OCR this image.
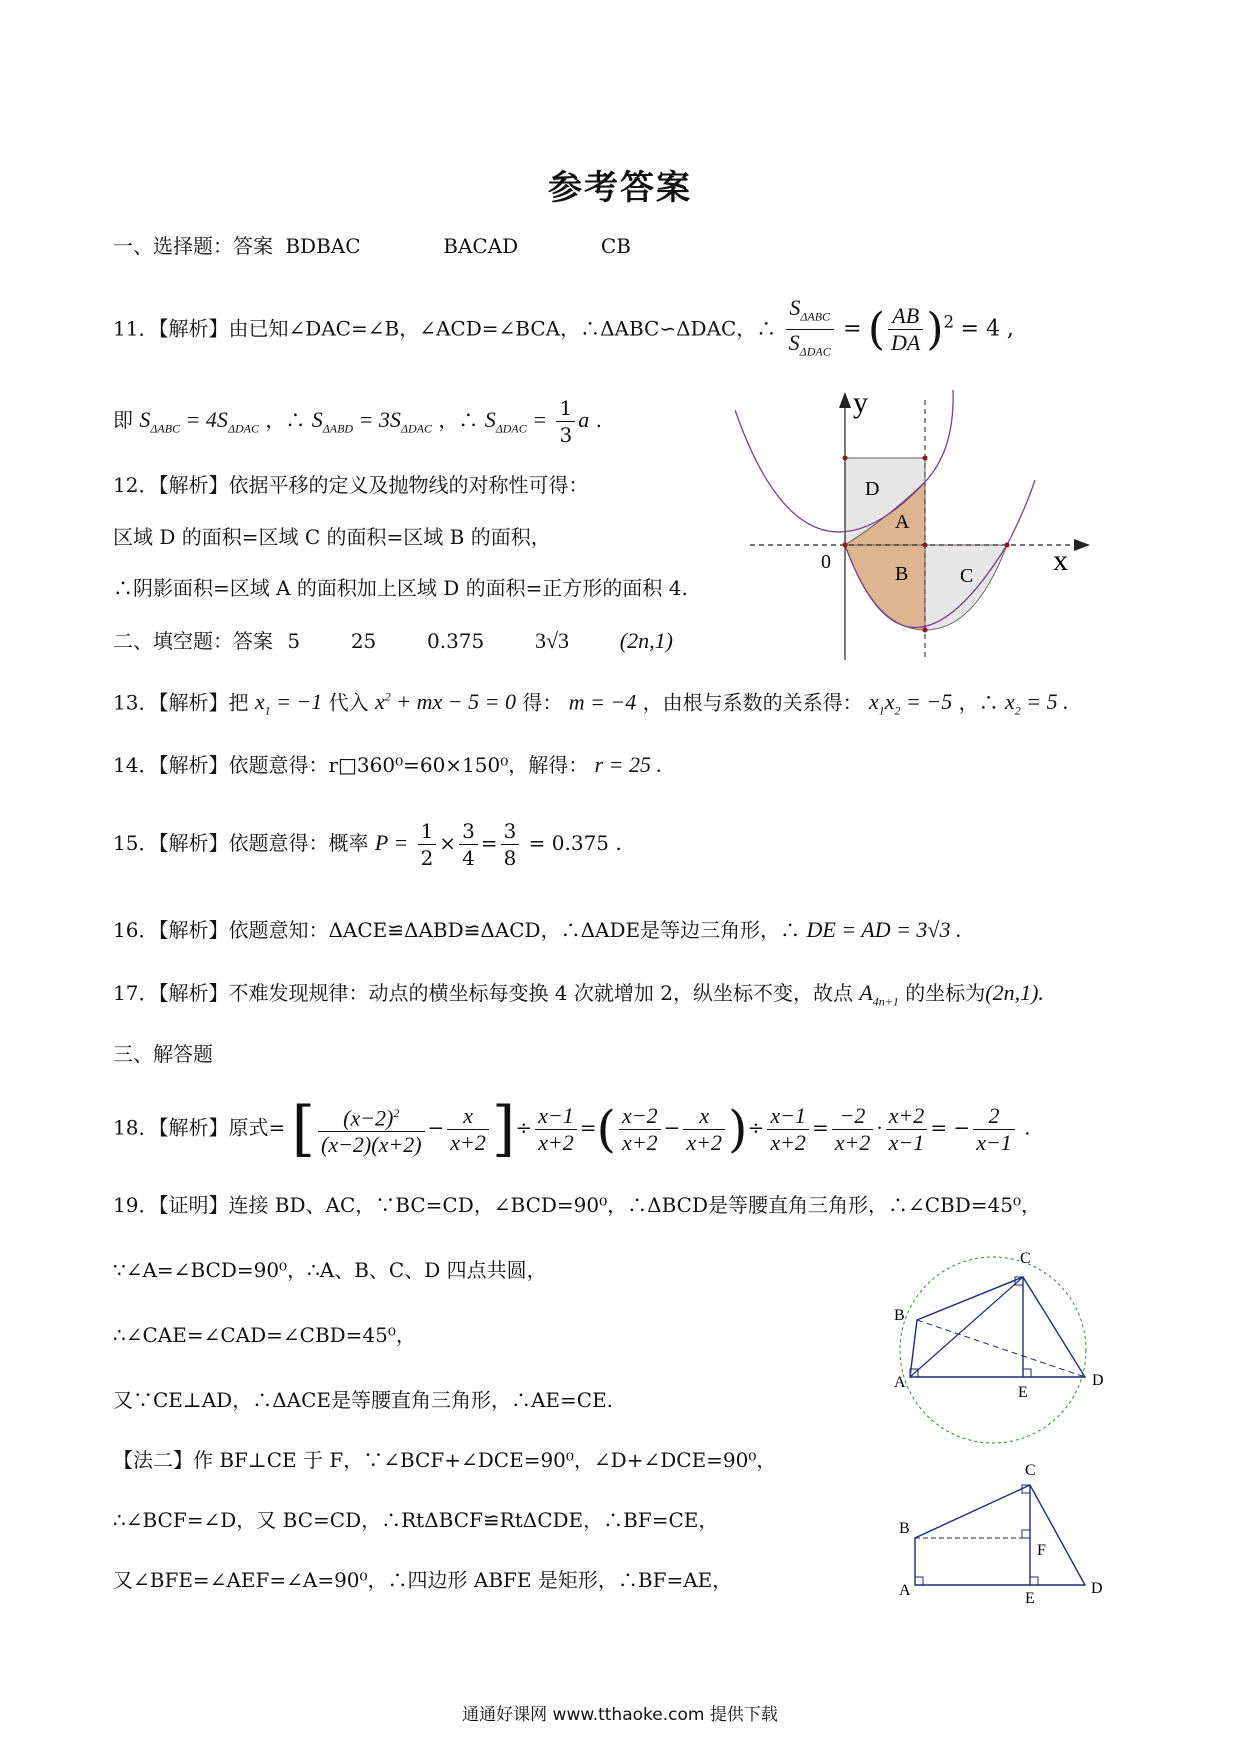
参考答案
一、选择题：答案 BDBAC	BACAD	CB
11．【解析】由已知∠DAC=∠B，∠ACD=∠BCA，∴ΔABC∽ΔDAC，∴ $\frac{S_{\Delta ABC}}{S_{\Delta DAC}}$ = ( $\frac{AB}{DA} )^2 = 4$ ,
即 $S_{\Delta ABC} = 4S_{\Delta DAC}$ ，∴ $S_{\Delta ABD} = 3S_{\Delta DAC}$ ，∴ $S_{\Delta DAC} = \frac{1}{3}$ a .
12．【解析】依据平移的定义及抛物线的对称性可得：
区域 D 的面积=区域 C 的面积=区域 B 的面积，
∴阴影面积=区域 A 的面积加上区域 D 的面积=正方形的面积 4.
y
x
0
D
A
B	C
二、填空题：答案 5	25	0.375 3√3 (2n,1)
13．【解析】把 $x_1 = -1$ 代入 $x^2$ + mx − 5 = 0 得： m = −4 ，由根与系数的关系得： $x_1x_2 = -5$ ，∴ $x_2 = 5$ .
14．【解析】依题意得：r□360⁰=60×150⁰，解得： r = 25 .
15．【解析】依题意得：概率 $P = \frac{1}{2} \times \frac{3}{4} = \frac{3}{8} = 0.375$ .
16．【解析】依题意知：ΔACE≌ΔABD≌ΔACD，∴ΔADE是等边三角形，∴ DE = AD = 3√3 .
17．【解析】不难发现规律：动点的横坐标每变换 4 次就增加 2，纵坐标不变，故点 $A_{4n+1}$ 的坐标为(2n,1).
三、解答题
18．【解析】原式= [ $\frac{(x-2)^2}{(x-2)(x+2)} - \frac{x}{x+2}$ ]÷ $\frac{x-1}{x+2}$ =( $\frac{x-2}{x+2} - \frac{x}{x+2}$ )÷ $\frac{x-1}{x+2} = \frac{-2}{x+2} \cdot \frac{x+2}{x-1}$ = − $\frac{2}{x-1}$ .
19．【证明】连接 BD、AC，∵BC=CD，∠BCD=90⁰，∴ΔBCD是等腰直角三角形，∴∠CBD=45⁰，
∵∠A=∠BCD=90⁰，∴A、B、C、D 四点共圆，
∴∠CAE=∠CAD=∠CBD=45⁰，
又∵CE⊥AD，∴ΔACE是等腰直角三角形，∴AE=CE.
【法二】作 BF⊥CE 于 F，∵∠BCF+∠DCE=90⁰，∠D+∠DCE=90⁰，
∴∠BCF=∠D，又 BC=CD，∴RtΔBCF≌RtΔCDE，∴BF=CE，
又∠BFE=∠AEF=∠A=90⁰，∴四边形 ABFE 是矩形，∴BF=AE，
C
B
A
E
D
C
B
F
A	E
D
通通好课网 www.tthaoke.com 提供下载
